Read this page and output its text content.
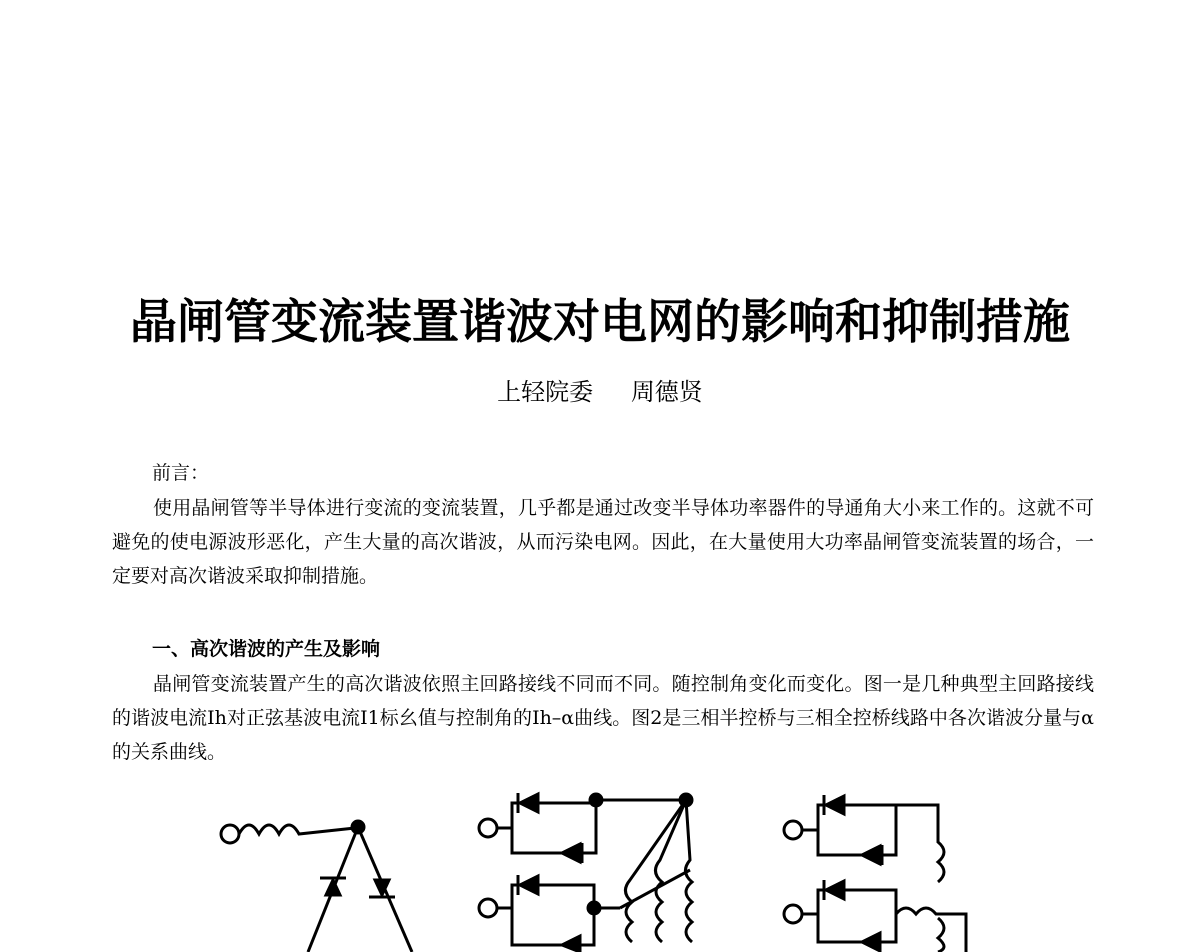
晶闸管变流装置谐波对电网的影响和抑制措施
上轻院委 周德贤

前言：

使用晶闸管等半导体进行变流的变流装置，几乎都是通过改变半导体功率器件的导通角大小来工作的。这就不可避免的使电源波形恶化，产生大量的高次谐波，从而污染电网。因此，在大量使用大功率晶闸管变流装置的场合，一定要对高次谐波采取抑制措施。

一、高次谐波的产生及影响

晶闸管变流装置产生的高次谐波依照主回路接线不同而不同。随控制角变化而变化。图一是几种典型主回路接线的谐波电流Ih对正弦基波电流I1标幺值与控制角的Ih–α曲线。图2是三相半控桥与三相全控桥线路中各次谐波分量与α的关系曲线。
